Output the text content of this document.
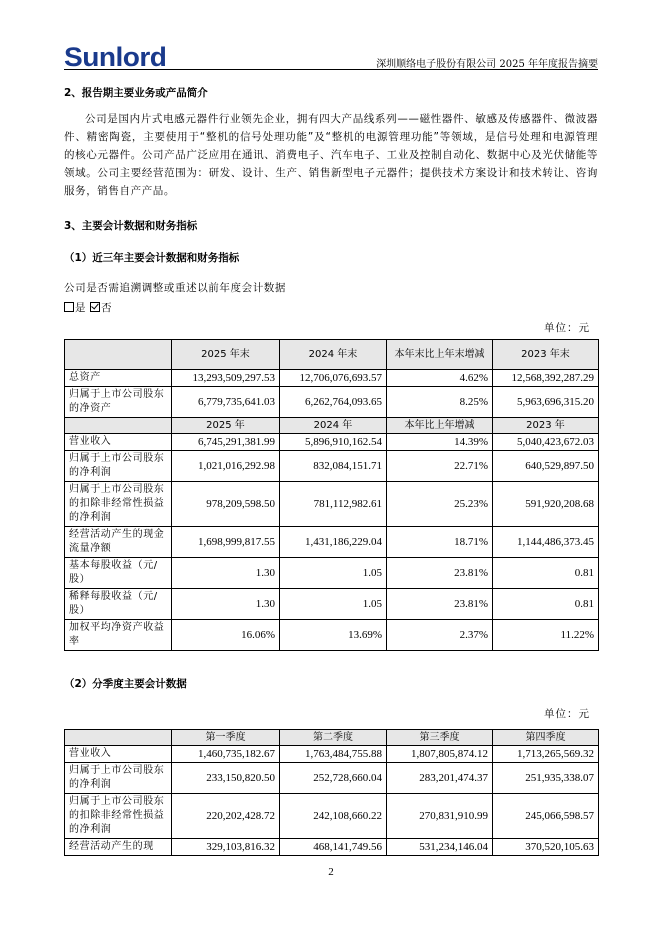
Sunlord	深圳顺络电子股份有限公司 2025 年年度报告摘要
2、报告期主要业务或产品简介
公司是国内片式电感元器件行业领先企业，拥有四大产品线系列——磁性器件、敏感及传感器件、微波器件、精密陶瓷，主要使用于“整机的信号处理功能”及“整机的电源管理功能”等领域，是信号处理和电源管理的核心元器件。公司产品广泛应用在通讯、消费电子、汽车电子、工业及控制自动化、数据中心及光伏储能等领域。公司主要经营范围为：研发、设计、生产、销售新型电子元器件；提供技术方案设计和技术转让、咨询服务，销售自产产品。
3、主要会计数据和财务指标
（1）近三年主要会计数据和财务指标
公司是否需追溯调整或重述以前年度会计数据
是 否
单位：元
	2025 年末	2024 年末	本年末比上年末增减	2023 年末
总资产	13,293,509,297.53	12,706,076,693.57	4.62%	12,568,392,287.29
归属于上市公司股东的净资产	6,779,735,641.03	6,262,764,093.65	8.25%	5,963,696,315.20
	2025 年	2024 年	本年比上年增减	2023 年
营业收入	6,745,291,381.99	5,896,910,162.54	14.39%	5,040,423,672.03
归属于上市公司股东的净利润	1,021,016,292.98	832,084,151.71	22.71%	640,529,897.50
归属于上市公司股东的扣除非经常性损益的净利润	978,209,598.50	781,112,982.61	25.23%	591,920,208.68
经营活动产生的现金流量净额	1,698,999,817.55	1,431,186,229.04	18.71%	1,144,486,373.45
基本每股收益（元/股）	1.30	1.05	23.81%	0.81
稀释每股收益（元/股）	1.30	1.05	23.81%	0.81
加权平均净资产收益率	16.06%	13.69%	2.37%	11.22%
（2）分季度主要会计数据
单位：元
	第一季度	第二季度	第三季度	第四季度
营业收入	1,460,735,182.67	1,763,484,755.88	1,807,805,874.12	1,713,265,569.32
归属于上市公司股东的净利润	233,150,820.50	252,728,660.04	283,201,474.37	251,935,338.07
归属于上市公司股东的扣除非经常性损益的净利润	220,202,428.72	242,108,660.22	270,831,910.99	245,066,598.57
经营活动产生的现	329,103,816.32	468,141,749.56	531,234,146.04	370,520,105.63
2
